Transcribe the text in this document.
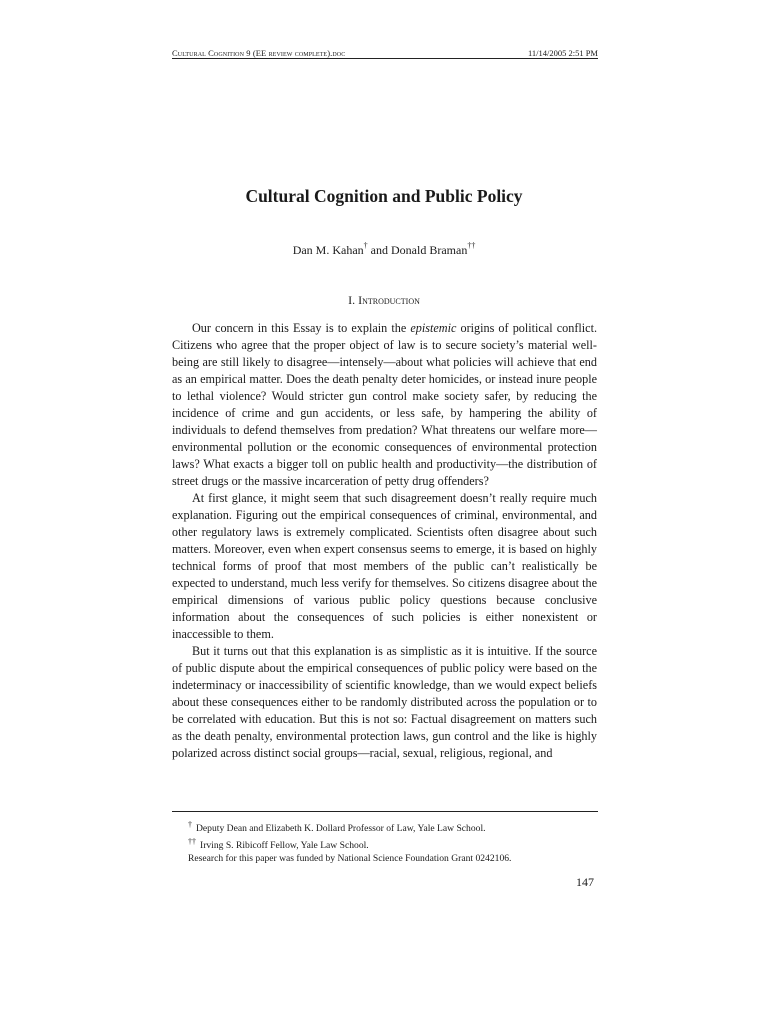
Cultural Cognition 9 (EE review complete).doc	11/14/2005 2:51 PM
Cultural Cognition and Public Policy
Dan M. Kahan† and Donald Braman††
I. Introduction

Our concern in this Essay is to explain the epistemic origins of political conflict. Citizens who agree that the proper object of law is to secure society’s material well-being are still likely to disagree—intensely—about what policies will achieve that end as an empirical matter. Does the death penalty deter homicides, or instead inure people to lethal violence? Would stricter gun control make society safer, by reducing the incidence of crime and gun accidents, or less safe, by hampering the ability of individuals to defend themselves from predation? What threatens our welfare more—environmental pollution or the economic consequences of environmental protection laws? What exacts a bigger toll on public health and productivity—the distribution of street drugs or the massive incarceration of petty drug offenders?

At first glance, it might seem that such disagreement doesn’t really require much explanation. Figuring out the empirical consequences of criminal, environmental, and other regulatory laws is extremely complicated. Scientists often disagree about such matters. Moreover, even when expert consensus seems to emerge, it is based on highly technical forms of proof that most members of the public can’t realistically be expected to understand, much less verify for themselves. So citizens disagree about the empirical dimensions of various public policy questions because conclusive information about the consequences of such policies is either nonexistent or inaccessible to them.

But it turns out that this explanation is as simplistic as it is intuitive. If the source of public dispute about the empirical consequences of public policy were based on the indeterminacy or inaccessibility of scientific knowledge, than we would expect beliefs about these consequences either to be randomly distributed across the population or to be correlated with education. But this is not so: Factual disagreement on matters such as the death penalty, environmental protection laws, gun control and the like is highly polarized across distinct social groups—racial, sexual, religious, regional, and

† Deputy Dean and Elizabeth K. Dollard Professor of Law, Yale Law School.

†† Irving S. Ribicoff Fellow, Yale Law School.

Research for this paper was funded by National Science Foundation Grant 0242106.

147
